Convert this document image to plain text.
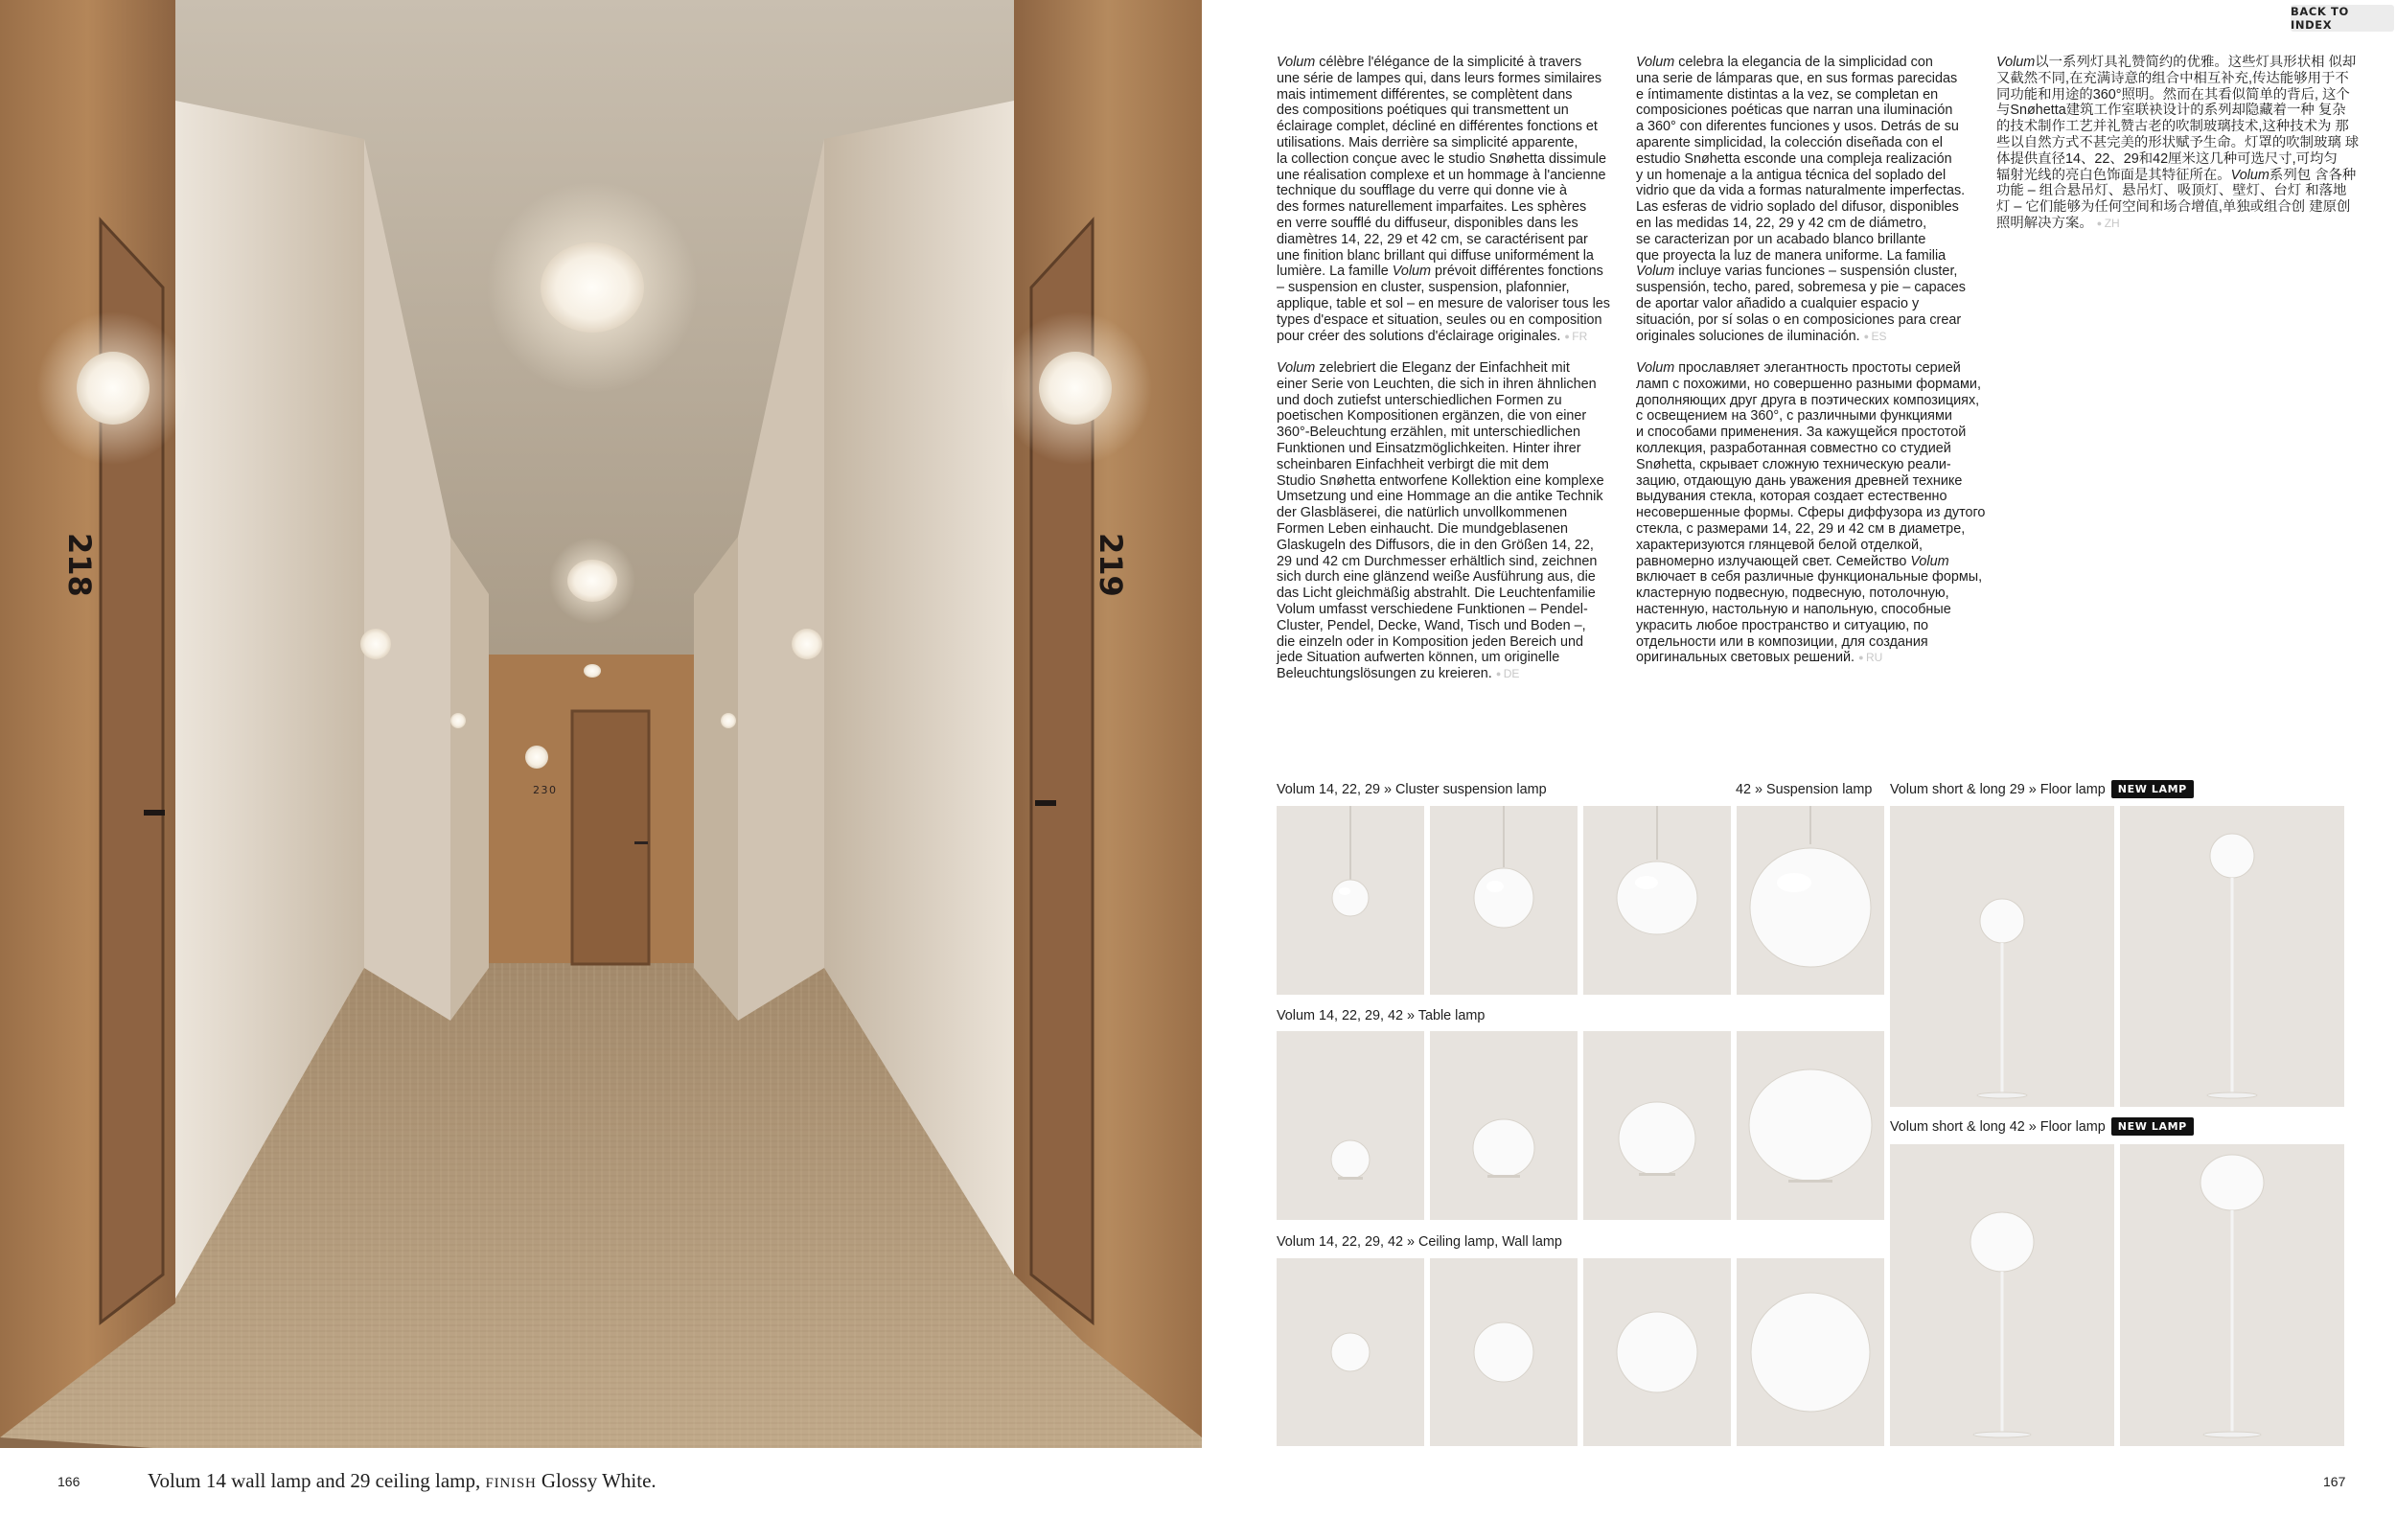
230
218	219
BACK TO INDEX
Volum célèbre l'élégance de la simplicité à travers
une série de lampes qui, dans leurs formes similaires
mais intimement différentes, se complètent dans
des compositions poétiques qui transmettent un
éclairage complet, décliné en différentes fonctions et
utilisations. Mais derrière sa simplicité apparente,
la collection conçue avec le studio Snøhetta dissimule
une réalisation complexe et un hommage à l'ancienne
technique du soufflage du verre qui donne vie à
des formes naturellement imparfaites. Les sphères
en verre soufflé du diffuseur, disponibles dans les
diamètres 14, 22, 29 et 42 cm, se caractérisent par
une finition blanc brillant qui diffuse uniformément la
lumière. La famille Volum prévoit différentes fonctions
– suspension en cluster, suspension, plafonnier,
applique, table et sol – en mesure de valoriser tous les
types d'espace et situation, seules ou en composition
pour créer des solutions d'éclairage originales. ● FR
Volum celebra la elegancia de la simplicidad con
una serie de lámparas que, en sus formas parecidas
e íntimamente distintas a la vez, se completan en
composiciones poéticas que narran una iluminación
a 360° con diferentes funciones y usos. Detrás de su
aparente simplicidad, la colección diseñada con el
estudio Snøhetta esconde una compleja realización
y un homenaje a la antigua técnica del soplado del
vidrio que da vida a formas naturalmente imperfectas.
Las esferas de vidrio soplado del difusor, disponibles
en las medidas 14, 22, 29 y 42 cm de diámetro,
se caracterizan por un acabado blanco brillante
que proyecta la luz de manera uniforme. La familia
Volum incluye varias funciones – suspensión cluster,
suspensión, techo, pared, sobremesa y pie – capaces
de aportar valor añadido a cualquier espacio y
situación, por sí solas o en composiciones para crear
originales soluciones de iluminación. ● ES
Volum以一系列灯具礼赞简约的优雅。这些灯具形状相 似却
又截然不同,在充满诗意的组合中相互补充,传达能够用于不
同功能和用途的360°照明。然而在其看似简单的背后, 这个
与Snøhetta建筑工作室联袂设计的系列却隐藏着一种 复杂
的技术制作工艺并礼赞古老的吹制玻璃技术,这种技术为 那
些以自然方式不甚完美的形状赋予生命。灯罩的吹制玻璃 球
体提供直径14、22、29和42厘米这几种可选尺寸,可均匀
辐射光线的亮白色饰面是其特征所在。Volum系列包 含各种
功能 – 组合悬吊灯、悬吊灯、吸顶灯、壁灯、台灯 和落地
灯 – 它们能够为任何空间和场合增值,单独或组合创 建原创
照明解决方案。 ● ZH
Volum zelebriert die Eleganz der Einfachheit mit
einer Serie von Leuchten, die sich in ihren ähnlichen
und doch zutiefst unterschiedlichen Formen zu
poetischen Kompositionen ergänzen, die von einer
360°-Beleuchtung erzählen, mit unterschiedlichen
Funktionen und Einsatzmöglichkeiten. Hinter ihrer
scheinbaren Einfachheit verbirgt die mit dem
Studio Snøhetta entworfene Kollektion eine komplexe
Umsetzung und eine Hommage an die antike Technik
der Glasbläserei, die natürlich unvollkommenen
Formen Leben einhaucht. Die mundgeblasenen
Glaskugeln des Diffusors, die in den Größen 14, 22,
29 und 42 cm Durchmesser erhältlich sind, zeichnen
sich durch eine glänzend weiße Ausführung aus, die
das Licht gleichmäßig abstrahlt. Die Leuchtenfamilie
Volum umfasst verschiedene Funktionen – Pendel-
Cluster, Pendel, Decke, Wand, Tisch und Boden –,
die einzeln oder in Komposition jeden Bereich und
jede Situation aufwerten können, um originelle
Beleuchtungslösungen zu kreieren. ● DE
Volum прославляет элегантность простоты серией
ламп с похожими, но совершенно разными формами,
дополняющих друг друга в поэтических композициях,
с освещением на 360°, с различными функциями
и способами применения. За кажущейся простотой
коллекция, разработанная совместно со студией
Snøhetta, скрывает сложную техническую реали-
зацию, отдающую дань уважения древней технике
выдувания стекла, которая создает естественно
несовершенные формы. Сферы диффузора из дутого
стекла, с размерами 14, 22, 29 и 42 см в диаметре,
характеризуются глянцевой белой отделкой,
равномерно излучающей свет. Семейство Volum
включает в себя различные функциональные формы,
кластерную подвесную, подвесную, потолочную,
настенную, настольную и напольную, способные
украсить любое пространство и ситуацию, по
отдельности или в композиции, для создания
оригинальных световых решений. ● RU
Volum 14, 22, 29 » Cluster suspension lamp	42 » Suspension lamp Volum short & long 29 » Floor lamp NEW LAMP
Volum 14, 22, 29, 42 » Table lamp
Volum short & long 42 » Floor lamp NEW LAMP
Volum 14, 22, 29, 42 » Ceiling lamp, Wall lamp
166	Volum 14 wall lamp and 29 ceiling lamp, finish Glossy White.	167
